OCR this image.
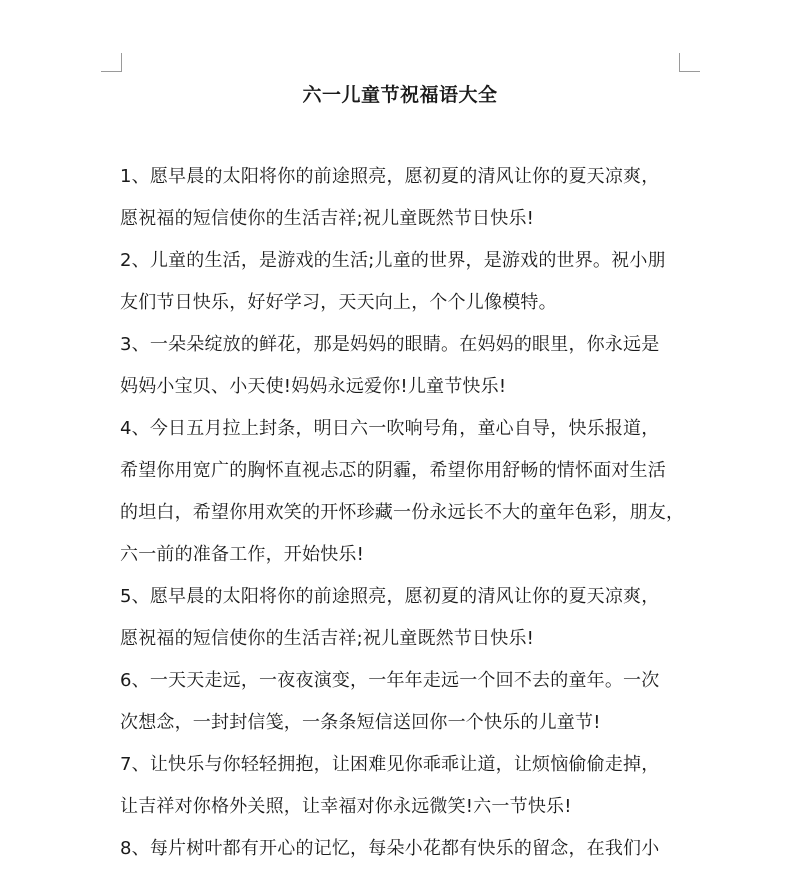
六一儿童节祝福语大全
1、愿早晨的太阳将你的前途照亮，愿初夏的清风让你的夏天凉爽，
愿祝福的短信使你的生活吉祥;祝儿童既然节日快乐!
2、儿童的生活，是游戏的生活;儿童的世界，是游戏的世界。祝小朋
友们节日快乐，好好学习，天天向上，个个儿像模特。
3、一朵朵绽放的鲜花，那是妈妈的眼睛。在妈妈的眼里，你永远是
妈妈小宝贝、小天使!妈妈永远爱你!儿童节快乐!
4、今日五月拉上封条，明日六一吹响号角，童心自导，快乐报道，
希望你用宽广的胸怀直视忐忑的阴霾，希望你用舒畅的情怀面对生活
的坦白，希望你用欢笑的开怀珍藏一份永远长不大的童年色彩，朋友，
六一前的准备工作，开始快乐!
5、愿早晨的太阳将你的前途照亮，愿初夏的清风让你的夏天凉爽，
愿祝福的短信使你的生活吉祥;祝儿童既然节日快乐!
6、一天天走远，一夜夜演变，一年年走远一个回不去的童年。一次
次想念，一封封信笺，一条条短信送回你一个快乐的儿童节!
7、让快乐与你轻轻拥抱，让困难见你乖乖让道，让烦恼偷偷走掉，
让吉祥对你格外关照，让幸福对你永远微笑!六一节快乐!
8、每片树叶都有开心的记忆，每朵小花都有快乐的留念，在我们小
